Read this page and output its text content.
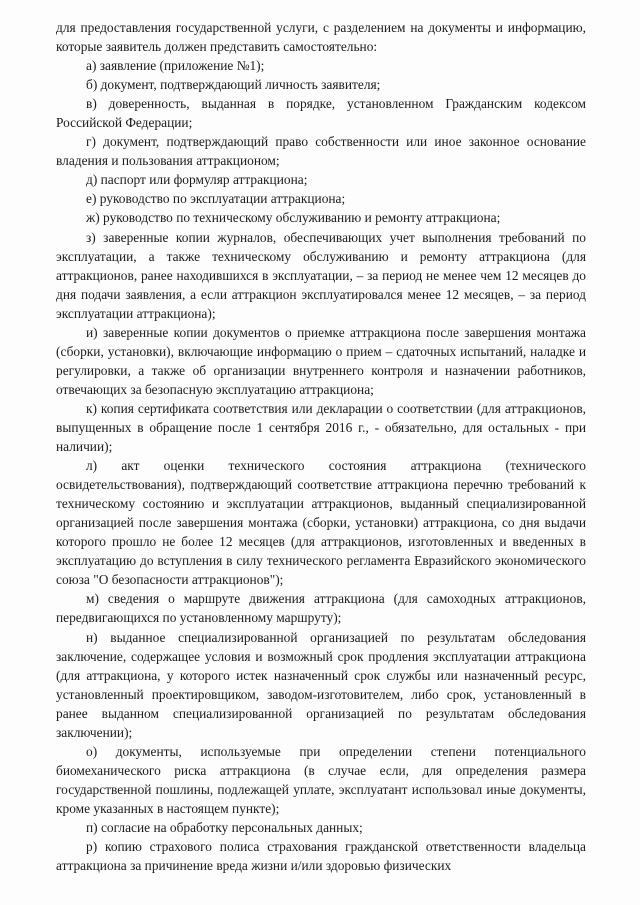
для предоставления государственной услуги, с разделением на документы и информацию, которые заявитель должен представить самостоятельно:

а) заявление (приложение №1);

б) документ, подтверждающий личность заявителя;

в) доверенность, выданная в порядке, установленном Гражданским кодексом Российской Федерации;

г) документ, подтверждающий право собственности или иное законное основание владения и пользования аттракционом;

д) паспорт или формуляр аттракциона;

е) руководство по эксплуатации аттракциона;

ж) руководство по техническому обслуживанию и ремонту аттракциона;

з) заверенные копии журналов, обеспечивающих учет выполнения требований по эксплуатации, а также техническому обслуживанию и ремонту аттракциона (для аттракционов, ранее находившихся в эксплуатации, – за период не менее чем 12 месяцев до дня подачи заявления, а если аттракцион эксплуатировался менее 12 месяцев, – за период эксплуатации аттракциона);

и) заверенные копии документов о приемке аттракциона после завершения монтажа (сборки, установки), включающие информацию о прием – сдаточных испытаний, наладке и регулировки, а также об организации внутреннего контроля и назначении работников, отвечающих за безопасную эксплуатацию аттракциона;

к) копия сертификата соответствия или декларации о соответствии (для аттракционов, выпущенных в обращение после 1 сентября 2016 г., - обязательно, для остальных - при наличии);

л) акт оценки технического состояния аттракциона (технического освидетельствования), подтверждающий соответствие аттракциона перечню требований к техническому состоянию и эксплуатации аттракционов, выданный специализированной организацией после завершения монтажа (сборки, установки) аттракциона, со дня выдачи которого прошло не более 12 месяцев (для аттракционов, изготовленных и введенных в эксплуатацию до вступления в силу технического регламента Евразийского экономического союза "О безопасности аттракционов");

м) сведения о маршруте движения аттракциона (для самоходных аттракционов, передвигающихся по установленному маршруту);

н) выданное специализированной организацией по результатам обследования заключение, содержащее условия и возможный срок продления эксплуатации аттракциона (для аттракциона, у которого истек назначенный срок службы или назначенный ресурс, установленный проектировщиком, заводом-изготовителем, либо срок, установленный в ранее выданном специализированной организацией по результатам обследования заключении);

о) документы, используемые при определении степени потенциального биомеханического риска аттракциона (в случае если, для определения размера государственной пошлины, подлежащей уплате, эксплуатант использовал иные документы, кроме указанных в настоящем пункте);

п) согласие на обработку персональных данных;

р) копию страхового полиса страхования гражданской ответственности владельца аттракциона за причинение вреда жизни и/или здоровью физических
